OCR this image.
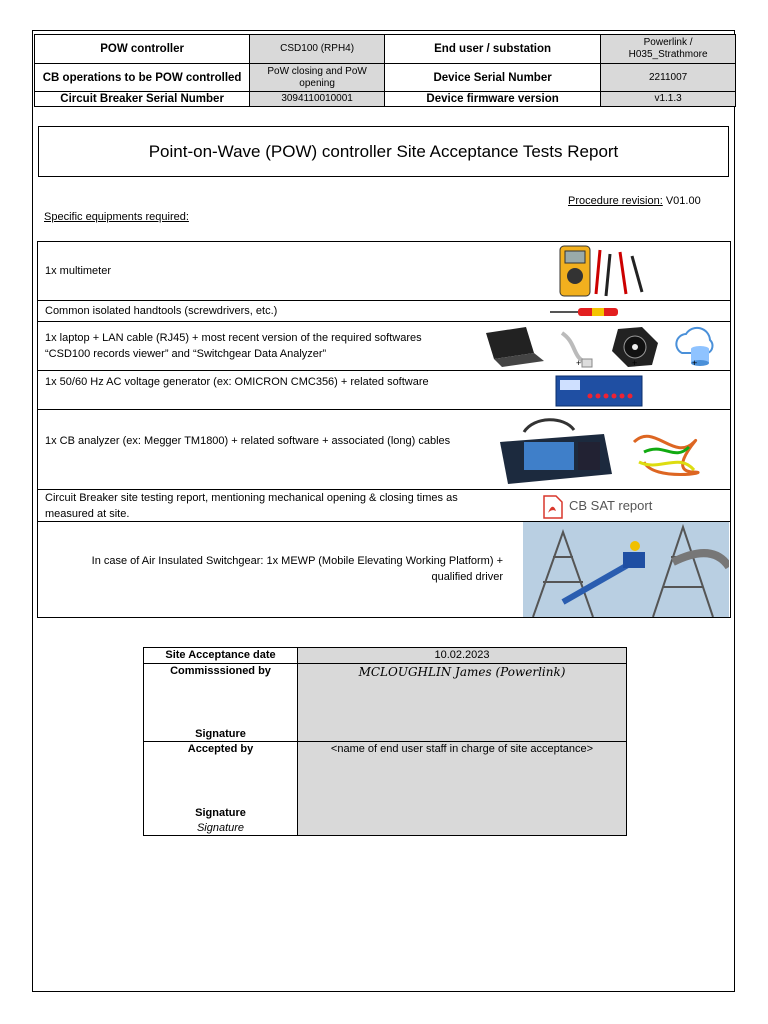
POW controller	CSD100 (RPH4)	End user / substation	Powerlink / H035_Strathmore
CB operations to be POW controlled	PoW closing and PoW opening	Device Serial Number	2211007
Circuit Breaker Serial Number	3094110010001	Device firmware version	v1.1.3
Point-on-Wave (POW) controller Site Acceptance Tests Report
Procedure revision: V01.00
Specific equipments required:
1x multimeter
Common isolated handtools (screwdrivers, etc.)
1x laptop + LAN cable (RJ45) + most recent version of the required softwares “CSD100 records viewer” and “Switchgear Data Analyzer”
+	+	+
1x 50/60 Hz AC voltage generator (ex: OMICRON CMC356) + related software
1x CB analyzer (ex: Megger TM1800) + related software + associated (long) cables
Circuit Breaker site testing report, mentioning mechanical opening & closing times as measured at site.
CB SAT report
In case of Air Insulated Switchgear: 1x MEWP (Mobile Elevating Working Platform) + qualified driver
Site Acceptance date	10.02.2023

Commisssioned by
Signature	MCLOUGHLIN James (Powerlink)

Accepted by
Signature
Signature	<name of end user staff in charge of site acceptance>
